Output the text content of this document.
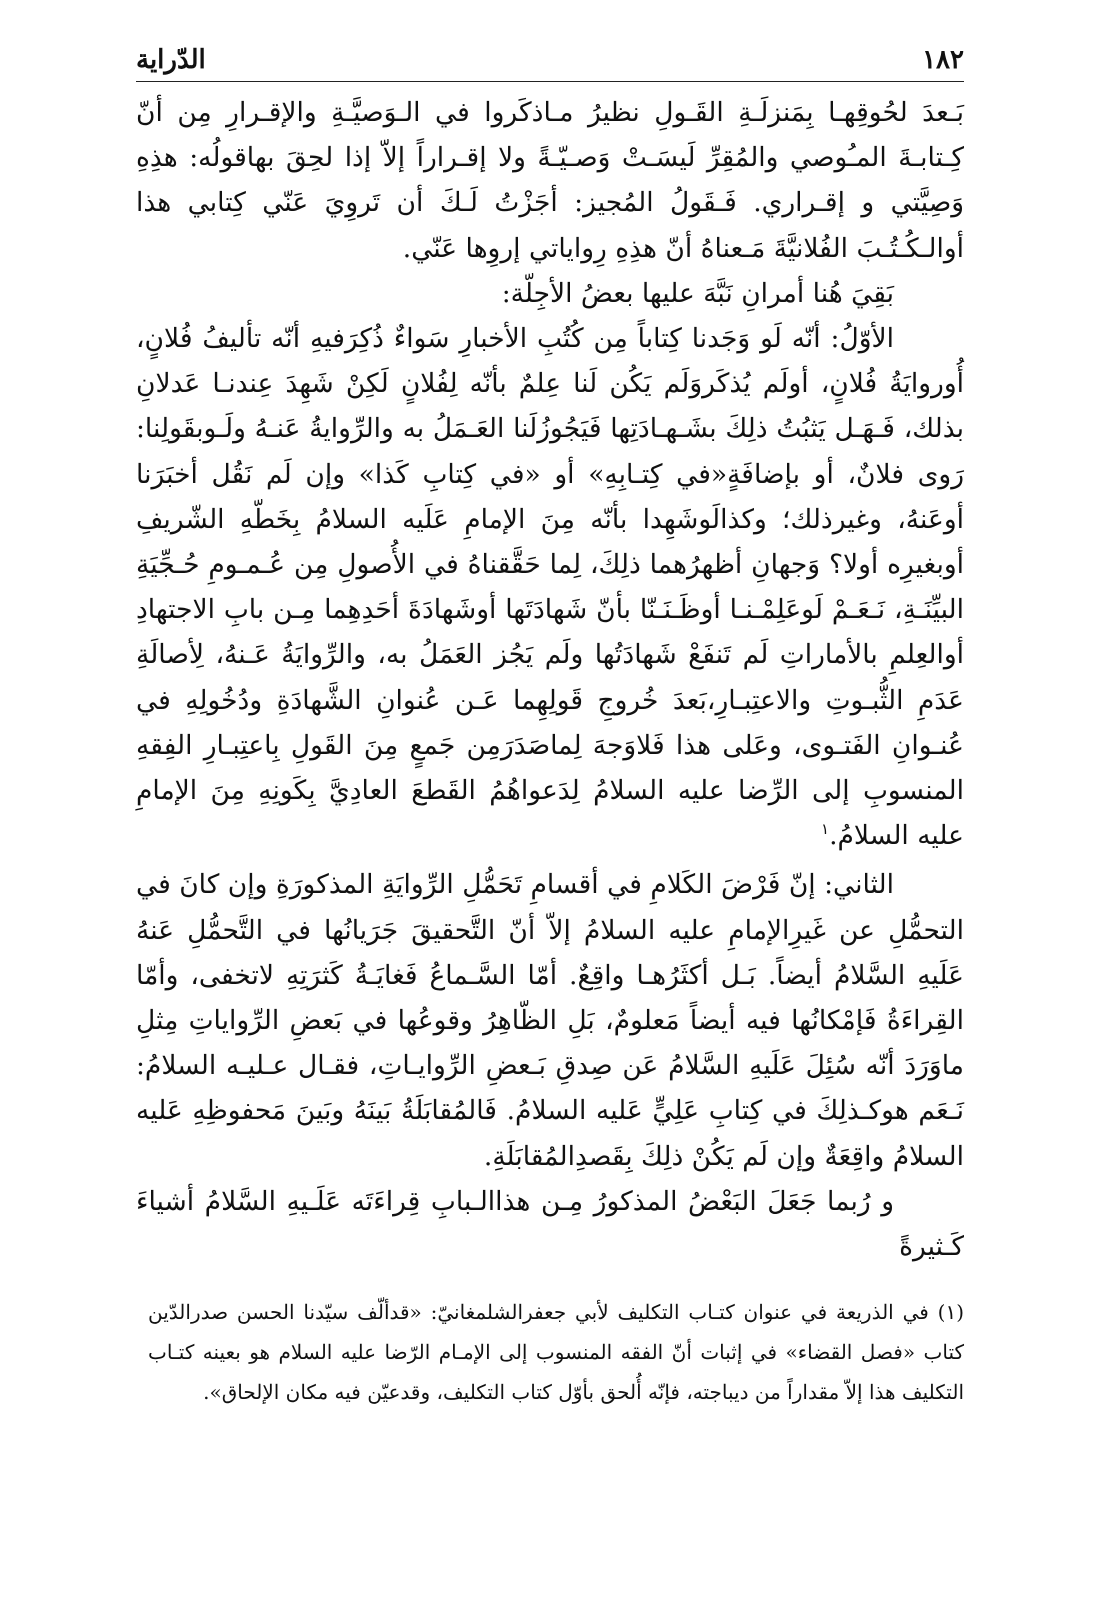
١٨٢
الدّراية

بَـعدَ لحُوقِهـا بِمَنزلَـةِ القَـولِ نظيرُ مـاذكَروا في الـوَصيَّـةِ والإقـرارِ مِن أنّ كِـتابـةَ المـُوصي والمُقِرِّ لَيسَـتْ وَصـيّـةً ولا إقـراراً إلاّ إذا لحِقَ بهاقولُه: هذِهِ وَصِيَّتي و إقـراري. فَـقَولُ المُجيز: أجَزْتُ لَـكَ أن تَروِيَ عَنّي كِتابي هذا أوالـكُـتُـبَ الفُلانيَّةَ مَـعناهُ أنّ هذِهِ رِواياتي إروِها عَنّي.

بَقِيَ هُنا أمرانِ نَبَّهَ عليها بعضُ الأجِلّة:

الأوّلُ: أنّه لَو وَجَدنا كِتاباً مِن كُتُبِ الأخبارِ سَواءٌ ذُكِرَفيهِ أنّه تأليفُ فُلانٍ، أُوروايَةُ فُلانٍ، أولَم يُذكَروَلَم يَكُن لَنا عِلمٌ بأنّه لِفُلانٍ لَكِنْ شَهِدَ عِندنـا عَدلانِ بذلك، فَـهَـل يَثبُتُ ذلِكَ بشَـهـادَتِها فَيَجُوزُلَنا العَـمَلُ به والرِّوايةُ عَنـهُ ولَـوبقَولِنا: رَوى فلانٌ، أو بإضافَةٍ«في كِتـابِهِ» أو «في كِتابِ كَذا» وإن لَم نَقُل أخبَرَنا أوعَنهُ، وغيرذلك؛ وكذالَوشَهِدا بأنّه مِنَ الإمامِ عَلَيه السلامُ بِخَطّهِ الشّريفِ أوبغيرِه أولا؟ وَجهانِ أظهرُهما ذلِكَ، لِما حَقَّقناهُ في الأُصولِ مِن عُـمـومِ حُـجِّيَةِ البيِّنَـةِ، نَـعَـمْ لَوعَلِمْـنـا أوظَـنَـنّا بأنّ شَهادَتَها أوشَهادَةَ أحَدِهِما مِـن بابِ الاجتهادِ أوالعِلمِ بالأماراتِ لَم تَنفَعْ شَهادَتُها ولَم يَجُز العَمَلُ به، والرِّوايَةُ عَـنهُ، لِأصالَةِ عَدَمِ الثُّبـوتِ والاعتِبـارِ،بَعدَ خُروجِ قَولِهِما عَـن عُنوانِ الشَّهادَةِ ودُخُولِهِ في عُنـوانِ الفَتـوى، وعَلى هذا فَلاوَجهَ لِماصَدَرَمِن جَمعٍ مِنَ القَولِ بِاعتِبـارِ الفِقهِ المنسوبِ إلى الرِّضا عليه السلامُ لِدَعواهُمُ القَطعَ العادِيَّ بِكَونِهِ مِنَ الإمامِ عليه السلامُ.$^١$

الثاني: إنّ فَرْضَ الكَلامِ في أقسامِ تَحَمُّلِ الرِّوايَةِ المذكورَةِ وإن كانَ في التحمُّلِ عن غَيرِالإمامِ عليه السلامُ إلاّ أنّ التَّحقيقَ جَرَيانُها في التَّحمُّلِ عَنهُ عَلَيهِ السَّلامُ أيضاً. بَـل أكثَرُهـا واقِعٌ. أمّا السَّـماعُ فَغايَـةُ كَثرَتِهِ لاتخفى، وأمّا القِراءَةُ فَإمْكانُها فيه أيضاً مَعلومٌ، بَلِ الظّاهِرُ وقوعُها في بَعضِ الرِّواياتِ مِثلِ ماوَرَدَ أنّه سُئِلَ عَلَيهِ السَّلامُ عَن صِدقِ بَـعضِ الرِّوايـاتِ، فقـال عـليـه السلامُ: نَـعَم هوكـذلِكَ في كِتابِ عَلِيٍّ عَليه السلامُ. فَالمُقابَلَةُ بَينَهُ وبَينَ مَحفوظِهِ عَليه السلامُ واقِعَةٌ وإن لَم يَكُنْ ذلِكَ بِقَصدِالمُقابَلَةِ.

و رُبما جَعَلَ البَعْضُ المذكورُ مِـن هذاالـبابِ قِراءَتَه عَلَـيهِ السَّلامُ أشياءَ كَـثيرةً

(١) في الذريعة في عنوان كتـاب التكليف لأبي جعفرالشلمغانيّ: «قدألّف سيّدنا الحسن صدرالدّين كتاب «فصل القضاء» في إثبات أنّ الفقه المنسوب إلى الإمـام الرّضا عليه السلام هو بعينه كتـاب التكليف هذا إلاّ مقداراً من ديباجته، فإنّه أُلحق بأوّل كتاب التكليف، وقدعيّن فيه مكان الإلحاق».
